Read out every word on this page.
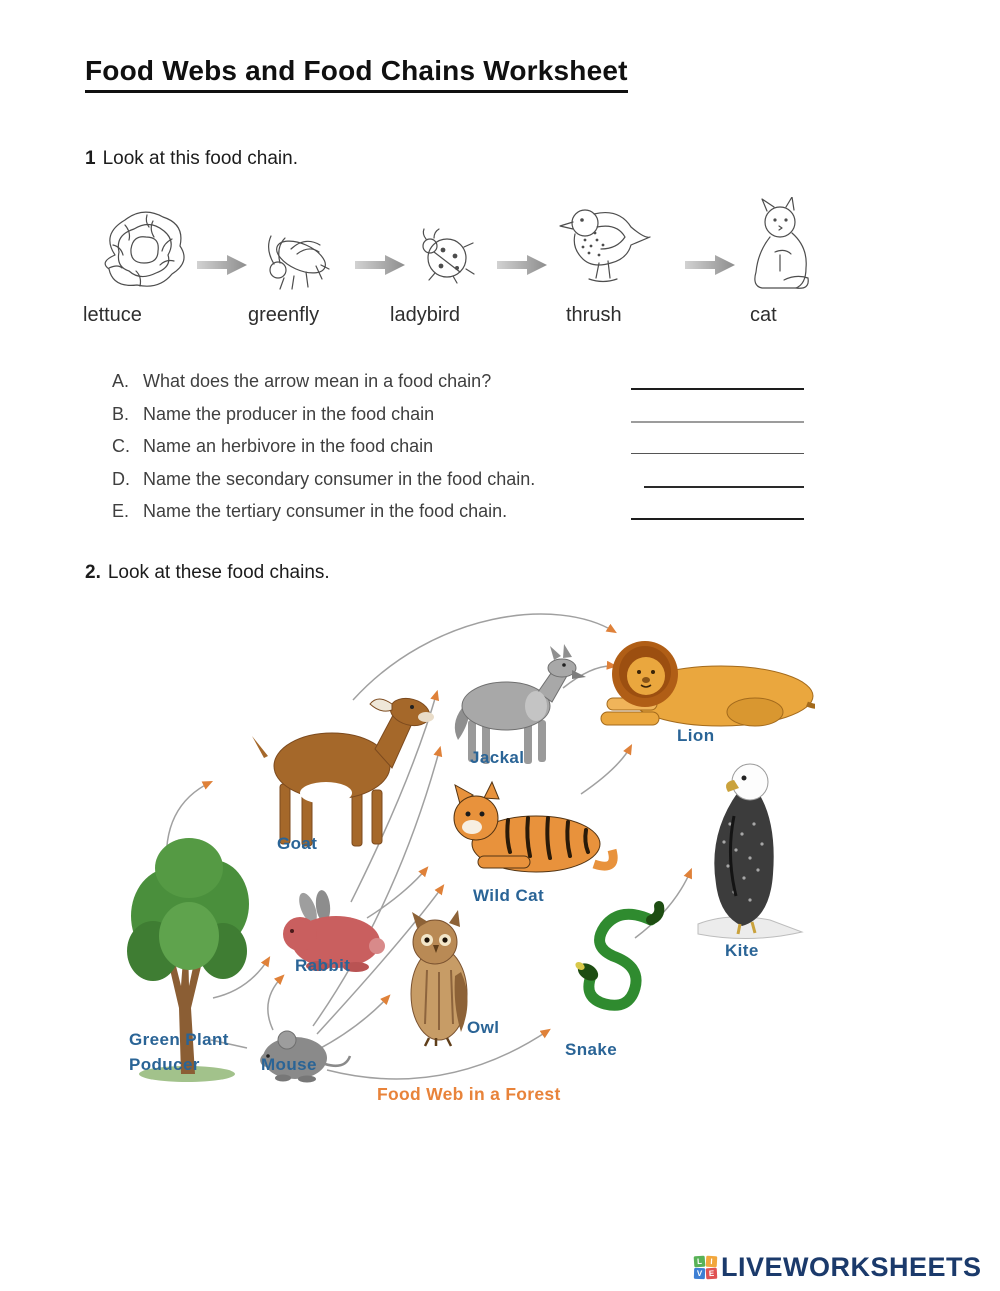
Food Webs and Food Chains Worksheet
1 Look at this food chain.
lettuce	greenfly	ladybird	thrush	cat
A. What does the arrow mean in a food chain?
B. Name the producer in the food chain
C. Name an herbivore in the food chain
D. Name the secondary consumer in the food chain.
E. Name the tertiary consumer in the food chain.
2. Look at these food chains.
Goat
Jackal
Lion
Wild Cat
Kite
Rabbit
Owl
Snake
Green Plant
Poducer	Mouse
Food Web in a Forest
L I
V E LIVEWORKSHEETS
